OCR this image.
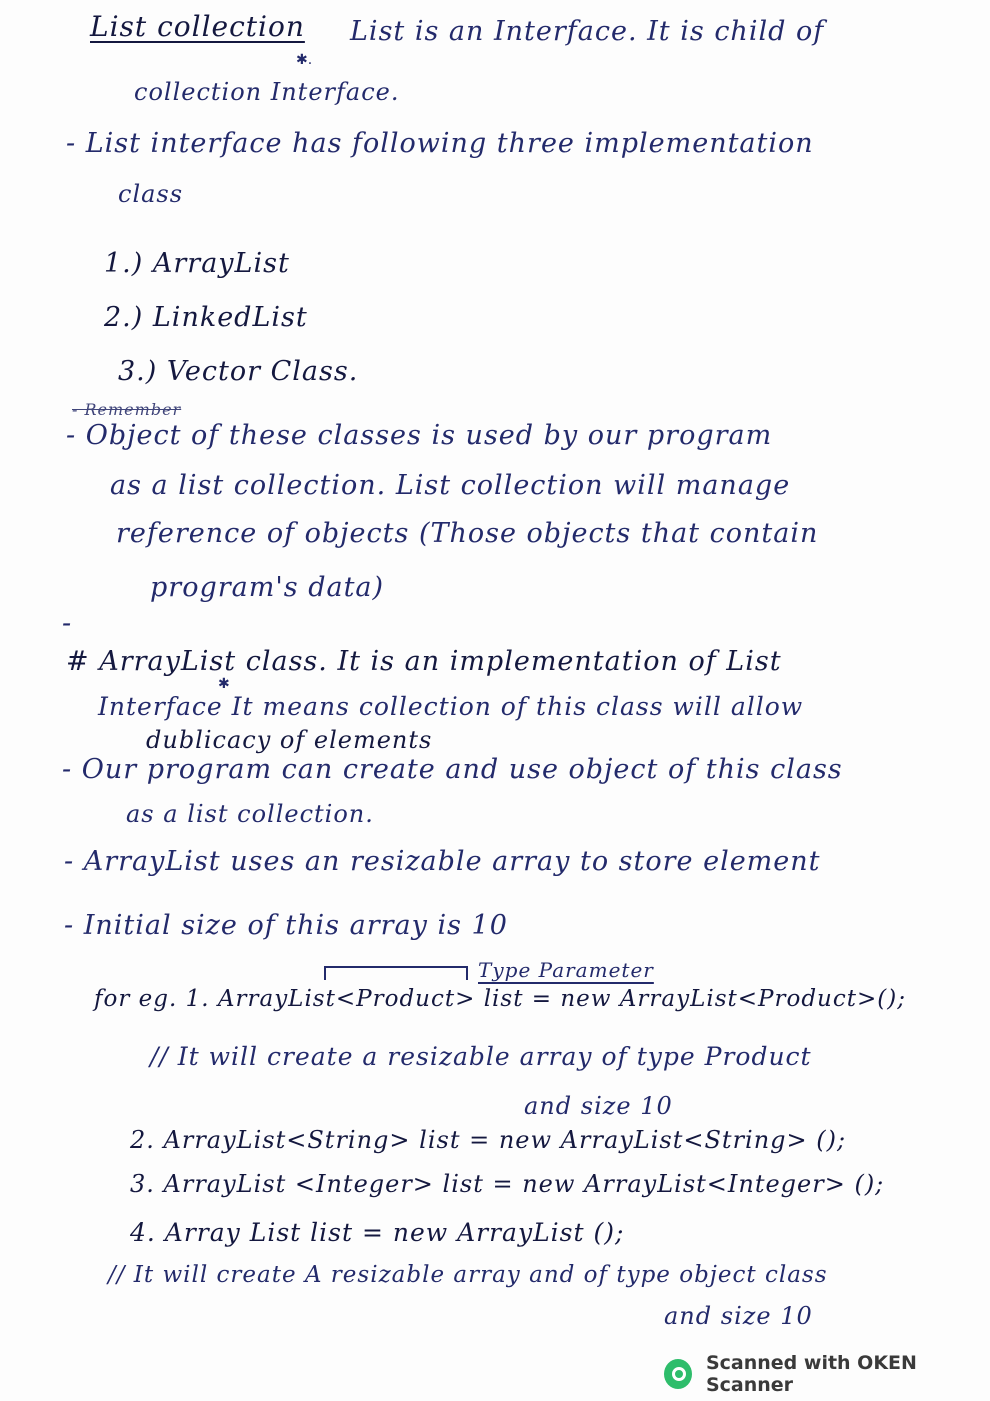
List collection
✱.
List is an Interface. It is child of
collection Interface.
- List interface has following three implementation
class
1.) ArrayList
2.) LinkedList
3.) Vector Class.
- Remember
- Object of these classes is used by our program
as a list collection. List collection will manage
reference of objects (Those objects that contain
program's data)
-
# ArrayList class. It is an implementation of List
✱
Interface It means collection of this class will allow
dublicacy of elements
- Our program can create and use object of this class
as a list collection.
- ArrayList uses an resizable array to store element
- Initial size of this array is 10
Type Parameter
for eg. 1. ArrayList<Product> list = new ArrayList<Product>();
// It will create a resizable array of type Product
and size 10
2. ArrayList<String> list = new ArrayList<String> ();
3. ArrayList <Integer> list = new ArrayList<Integer> ();
4. Array List list = new ArrayList ();
// It will create A resizable array and of type object class
and size 10
Scanned with OKEN Scanner
